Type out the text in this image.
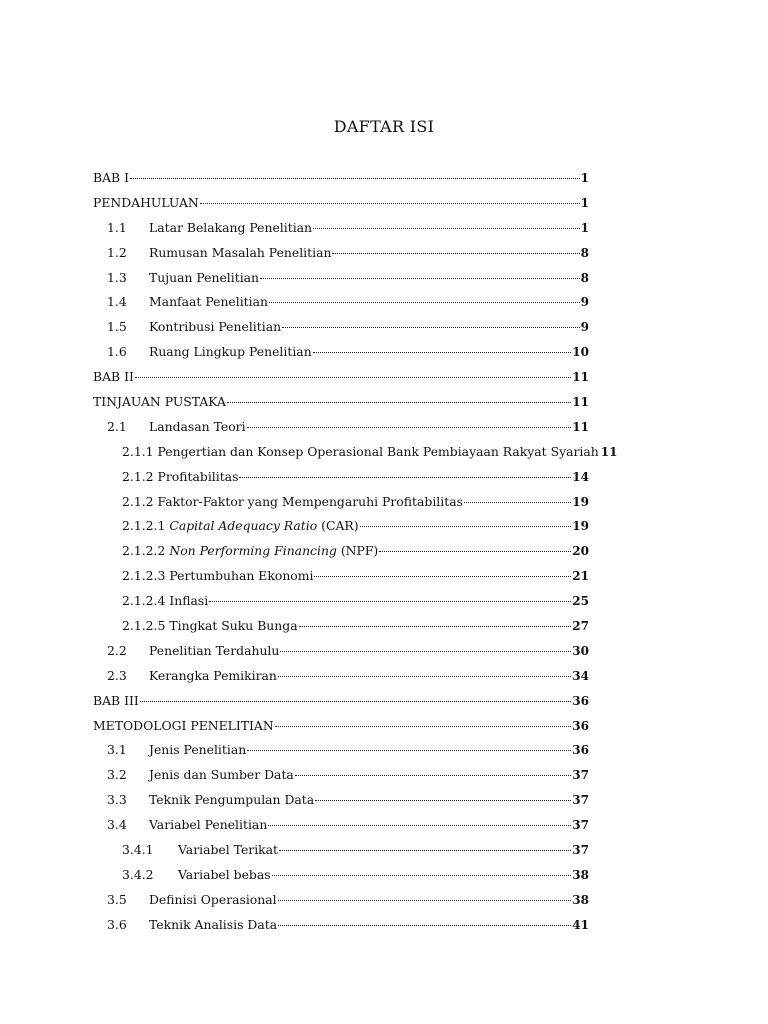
DAFTAR ISI
BAB I	1
PENDAHULUAN	1
1.1	Latar Belakang Penelitian	1
1.2	Rumusan Masalah Penelitian	8
1.3	Tujuan Penelitian	8
1.4	Manfaat Penelitian	9
1.5	Kontribusi Penelitian	9
1.6	Ruang Lingkup Penelitian	10
BAB II	11
TINJAUAN PUSTAKA	11
2.1	Landasan Teori	11
2.1.1 Pengertian dan Konsep Operasional Bank Pembiayaan Rakyat Syariah 11
2.1.2 Profitabilitas	14
2.1.2 Faktor-Faktor yang Mempengaruhi Profitabilitas	19
2.1.2.1 Capital Adequacy Ratio (CAR)	19
2.1.2.2 Non Performing Financing (NPF)	20
2.1.2.3 Pertumbuhan Ekonomi	21
2.1.2.4 Inflasi	25
2.1.2.5 Tingkat Suku Bunga	27
2.2	Penelitian Terdahulu	30
2.3	Kerangka Pemikiran	34
BAB III	36
METODOLOGI PENELITIAN	36
3.1	Jenis Penelitian	36
3.2	Jenis dan Sumber Data	37
3.3	Teknik Pengumpulan Data	37
3.4	Variabel Penelitian	37
3.4.1	Variabel Terikat	37
3.4.2	Variabel bebas	38
3.5	Definisi Operasional	38
3.6	Teknik Analisis Data	41
